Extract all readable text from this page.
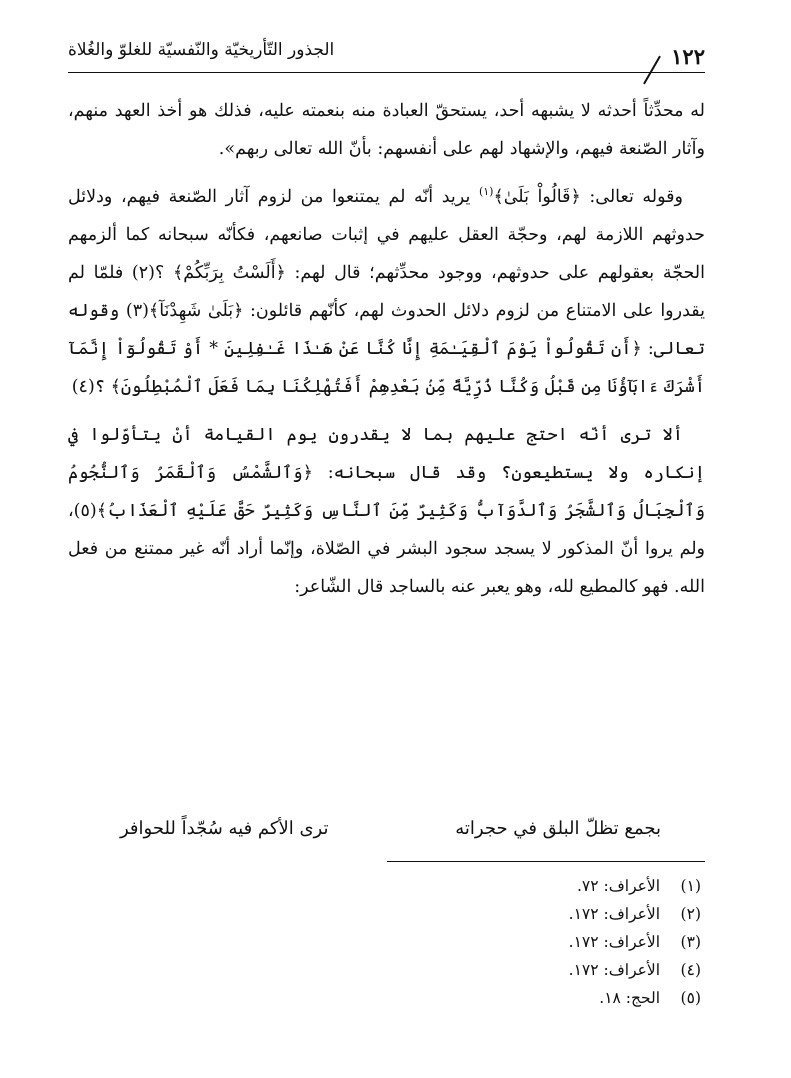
١٢٢
الجذور التّأريخيّة والنّفسيّة للغلوّ والغُلاة

له محدِّثاً أحدثه لا يشبهه أحد، يستحقّ العبادة منه بنعمته عليه، فذلك هو أخذ العهد منهم، وآثار الصّنعة فيهم، والإشهاد لهم على أنفسهم: بأنّ الله تعالى ربهم».

وقوله تعالى: ﴿قَالُواْ بَلَىٰ﴾$^{(١)}$ يريد أنّه لم يمتنعوا من لزوم آثار الصّنعة فيهم، ودلائل حدوثهم اللازمة لهم، وحجّة العقل عليهم في إثبات صانعهم، فكأنّه سبحانه كما ألزمهم الحجّة بعقولهم على حدوثهم، ووجود محدِّثهم؛ قال لهم: ﴿أَلَسْتُ بِرَبِّكُمْ﴾ ؟(٢) فلمّا لم يقدروا على الامتناع من لزوم دلائل الحدوث لهم، كأنّهم قائلون: ﴿بَلَىٰ شَهِدْنَآ﴾(٣) وقوله تعالى: ﴿أَن تَقُولُواْ يَوْمَ ٱلْقِيَـٰمَةِ إِنَّا كُنَّا عَنْ هَـٰذَا غَـٰفِلِينَ * أَوْ تَقُولُوٓاْ إِنَّمَآ أَشْرَكَ ءَابَآؤُنَا مِن قَبْلُ وَكُنَّا ذُرِّيَّةً مِّنۢ بَعْدِهِمْ أَفَتُهْلِكُنَا بِمَا فَعَلَ ٱلْمُبْطِلُونَ﴾ ؟(٤)

ألا ترى أنّه احتج عليهم بما لا يقدرون يوم القيامة أنْ يتأوّلوا في إنكاره ولا يستطيعون؟ وقد قال سبحانه: ﴿وَٱلشَّمْسُ وَٱلْقَمَرُ وَٱلنُّجُومُ وَٱلْجِبَالُ وَٱلشَّجَرُ وَٱلدَّوَآبُّ وَكَثِيرٌ مِّنَ ٱلنَّاسِ وَكَثِيرٌ حَقَّ عَلَيْهِ ٱلْعَذَابُ﴾(٥)، ولم يروا أنّ المذكور لا يسجد سجود البشر في الصّلاة، وإنّما أراد أنّه غير ممتنع من فعل الله. فهو كالمطيع لله، وهو يعبر عنه بالساجد قال الشّاعر:

بجمع تظلّ البلق في حجراته
ترى الأكم فيه سُجّداً للحوافر
(١) الأعراف: ٧٢.
(٢) الأعراف: ١٧٢.
(٣) الأعراف: ١٧٢.
(٤) الأعراف: ١٧٢.
(٥) الحج: ١٨.
